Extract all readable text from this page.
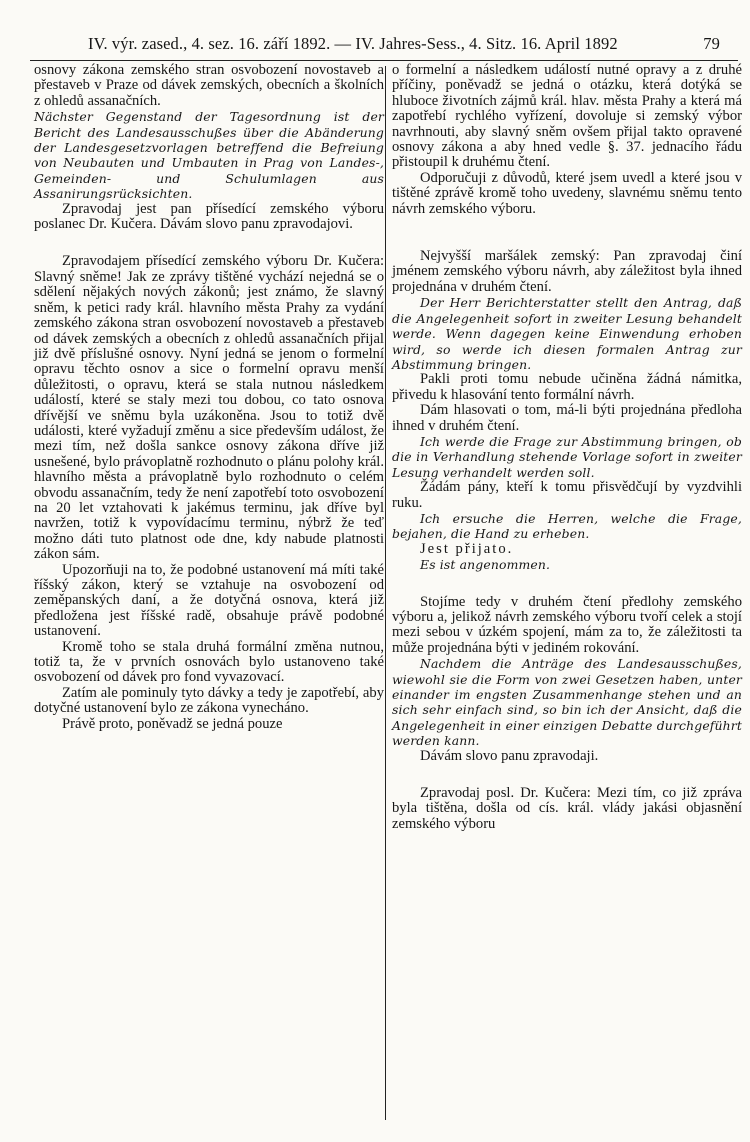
IV. výr. zased., 4. sez. 16. září 1892. — IV. Jahres-Sess., 4. Sitz. 16. April 1892	79

osnovy zákona zemského stran osvobození novostaveb a přestaveb v Praze od dávek zemských, obecních a školních z ohledů assanačních.

Nächster Gegenstand der Tagesordnung ist der Bericht des Landesausschußes über die Abänderung der Landesgesetzvorlagen betreffend die Befreiung von Neubauten und Umbauten in Prag von Landes-, Gemeinden- und Schulumlagen aus Assanirungsrücksichten.

Zpravodaj jest pan přísedící zemského výboru poslanec Dr. Kučera. Dávám slovo panu zpravodajovi.

Zpravodajem přísedící zemského výboru Dr. Kučera: Slavný sněme! Jak ze zprávy tištěné vychází nejedná se o sdělení nějakých nových zákonů; jest známo, že slavný sněm, k petici rady král. hlavního města Prahy za vydání zemského zákona stran osvobození novostaveb a přestaveb od dávek zemských a obecních z ohledů assanačních přijal již dvě příslušné osnovy. Nyní jedná se jenom o formelní opravu těchto osnov a sice o formelní opravu menší důležitosti, o opravu, která se stala nutnou následkem událostí, které se staly mezi tou dobou, co tato osnova dřívější ve sněmu byla uzákoněna. Jsou to totiž dvě události, které vyžadují změnu a sice především událost, že mezi tím, než došla sankce osnovy zákona dříve již usnešené, bylo právoplatně rozhodnuto o plánu polohy král. hlavního města a právoplatně bylo rozhodnuto o celém obvodu assanačním, tedy že není zapotřebí toto osvobození na 20 let vztahovati k jakémus terminu, jak dříve byl navržen, totiž k vypovídacímu terminu, nýbrž že teď možno dáti tuto platnost ode dne, kdy nabude platnosti zákon sám.

Upozorňuji na to, že podobné ustanovení má míti také říšský zákon, který se vztahuje na osvobození od zeměpanských daní, a že dotyčná osnova, která již předložena jest říšské radě, obsahuje právě podobné ustanovení.

Kromě toho se stala druhá formální změna nutnou, totiž ta, že v prvních osnovách bylo ustanoveno také osvobození od dávek pro fond vyvazovací.

Zatím ale pominuly tyto dávky a tedy je zapotřebí, aby dotyčné ustanovení bylo ze zákona vynecháno.

Právě proto, poněvadž se jedná pouze

o formelní a následkem událostí nutné opravy a z druhé příčiny, poněvadž se jedná o otázku, která dotýká se hluboce životních zájmů král. hlav. města Prahy a která má zapotřebí rychlého vyřízení, dovoluje si zemský výbor navrhnouti, aby slavný sněm ovšem přijal takto opravené osnovy zákona a aby hned vedle §. 37. jednacího řádu přistoupil k druhému čtení.

Odporučuji z důvodů, které jsem uvedl a které jsou v tištěné zprávě kromě toho uvedeny, slavnému sněmu tento návrh zemského výboru.

Nejvyšší maršálek zemský: Pan zpravodaj činí jménem zemského výboru návrh, aby záležitost byla ihned projednána v druhém čtení.

Der Herr Berichterstatter stellt den Antrag, daß die Angelegenheit sofort in zweiter Lesung behandelt werde. Wenn dagegen keine Einwendung erhoben wird, so werde ich diesen formalen Antrag zur Abstimmung bringen.

Pakli proti tomu nebude učiněna žádná námitka, přivedu k hlasování tento formální návrh.

Dám hlasovati o tom, má-li býti projednána předloha ihned v druhém čtení.

Ich werde die Frage zur Abstimmung bringen, ob die in Verhandlung stehende Vorlage sofort in zweiter Lesung verhandelt werden soll.

Žádám pány, kteří k tomu přisvědčují by vyzdvihli ruku.

Ich ersuche die Herren, welche die Frage, bejahen, die Hand zu erheben.

Jest přijato.

Es ist angenommen.

Stojíme tedy v druhém čtení předlohy zemského výboru a, jelikož návrh zemského výboru tvoří celek a stojí mezi sebou v úzkém spojení, mám za to, že záležitosti ta může projednána býti v jediném rokování.

Nachdem die Anträge des Landesausschußes, wiewohl sie die Form von zwei Gesetzen haben, unter einander im engsten Zusammenhange stehen und an sich sehr einfach sind, so bin ich der Ansicht, daß die Angelegenheit in einer einzigen Debatte durchgeführt werden kann.

Dávám slovo panu zpravodaji.

Zpravodaj posl. Dr. Kučera: Mezi tím, co již zpráva byla tištěna, došla od cís. král. vlády jakási objasnění zemského výboru
